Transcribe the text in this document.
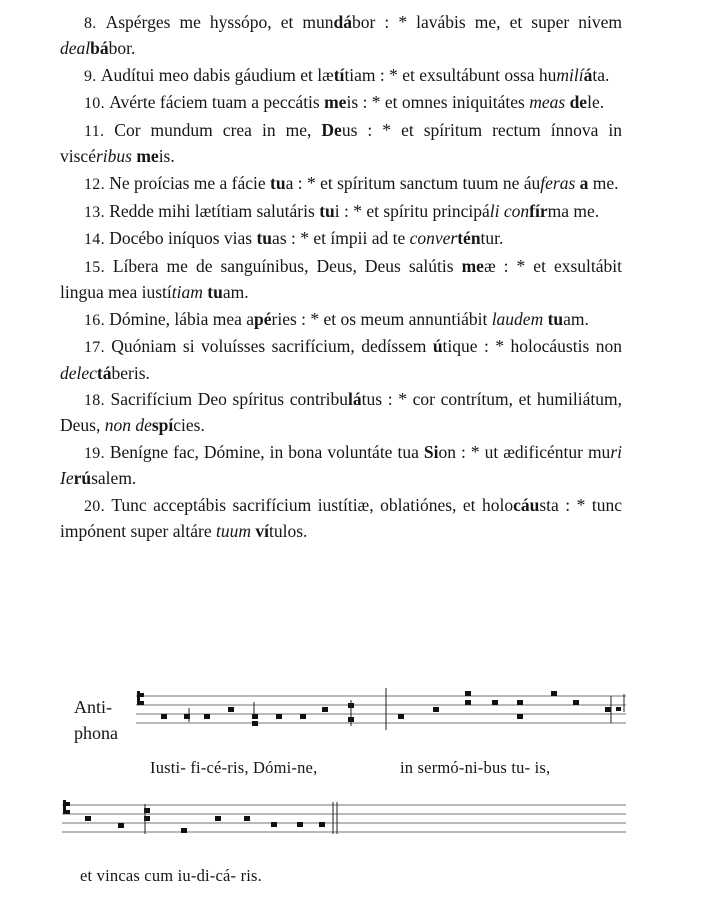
8. Aspérges me hyssópo, et mundábor : * lavábis me, et super nivem dealbábor.

9. Audítui meo dabis gáudium et lætítiam : * et exsultábunt ossa humilíáta.

10. Avérte fáciem tuam a peccátis meis : * et omnes iniquitátes meas dele.

11. Cor mundum crea in me, Deus : * et spíritum rectum ínnova in viscéribus meis.

12. Ne proícias me a fácie tua : * et spíritum sanctum tuum ne áuferas a me.

13. Redde mihi lætítiam salutáris tui : * et spíritu principáli confírma me.

14. Docébo iníquos vias tuas : * et ímpii ad te converténtur.

15. Líbera me de sanguínibus, Deus, Deus salútis meæ : * et exsultábit lingua mea iustítiam tuam.

16. Dómine, lábia mea apéries : * et os meum annuntiábit laudem tuam.

17. Quóniam si voluísses sacrifícium, dedíssem útique : * holocáustis non delectáberis.

18. Sacrifícium Deo spíritus contribulátus : * cor contrítum, et humiliátum, Deus, non despícies.

19. Benígne fac, Dómine, in bona voluntáte tua Sion : * ut ædificéntur muri Ierúsalem.

20. Tunc acceptábis sacrifícium iustítiæ, oblatiónes, et holocáusta : * tunc impónent super altáre tuum vítulos.

Anti-
phona
Iusti- fi-cé-ris, Dómi-ne,	in sermó-ni-bus tu- is,
et vincas cum iu-di-cá- ris.
